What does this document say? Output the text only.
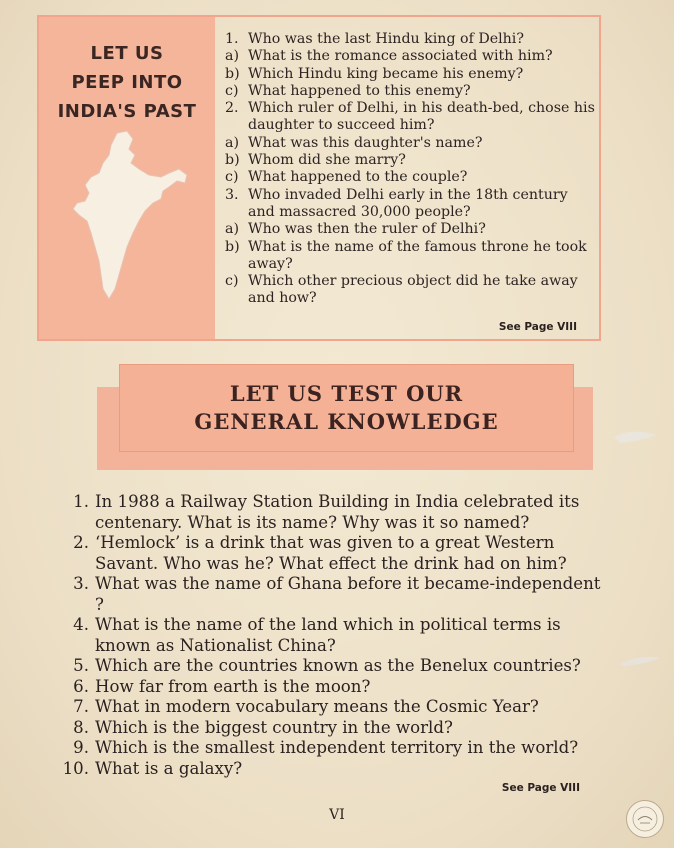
LET US
PEEP INTO
INDIA'S PAST
1. Who was the last Hindu king of Delhi?
a) What is the romance associated with him?
b) Which Hindu king became his enemy?
c) What happened to this enemy?
2. Which ruler of Delhi, in his death-bed, chose his daughter to succeed him?
a) What was this daughter's name?
b) Whom did she marry?
c) What happened to the couple?
3. Who invaded Delhi early in the 18th century and massacred 30,000 people?
a) Who was then the ruler of Delhi?
b) What is the name of the famous throne he took away?
c) Which other precious object did he take away and how?
See Page VIII
LET US TEST OUR
GENERAL KNOWLEDGE
1. In 1988 a Railway Station Building in India celebrated its centenary. What is its name? Why was it so named?
2. ‘Hemlock’ is a drink that was given to a great Western Savant. Who was he? What effect the drink had on him?
3. What was the name of Ghana before it became-independent ?
4. What is the name of the land which in political terms is known as Nationalist China?
5. Which are the countries known as the Benelux countries?
6. How far from earth is the moon?
7. What in modern vocabulary means the Cosmic Year?
8. Which is the biggest country in the world?
9. Which is the smallest independent territory in the world?
10. What is a galaxy?
See Page VIII
VI
